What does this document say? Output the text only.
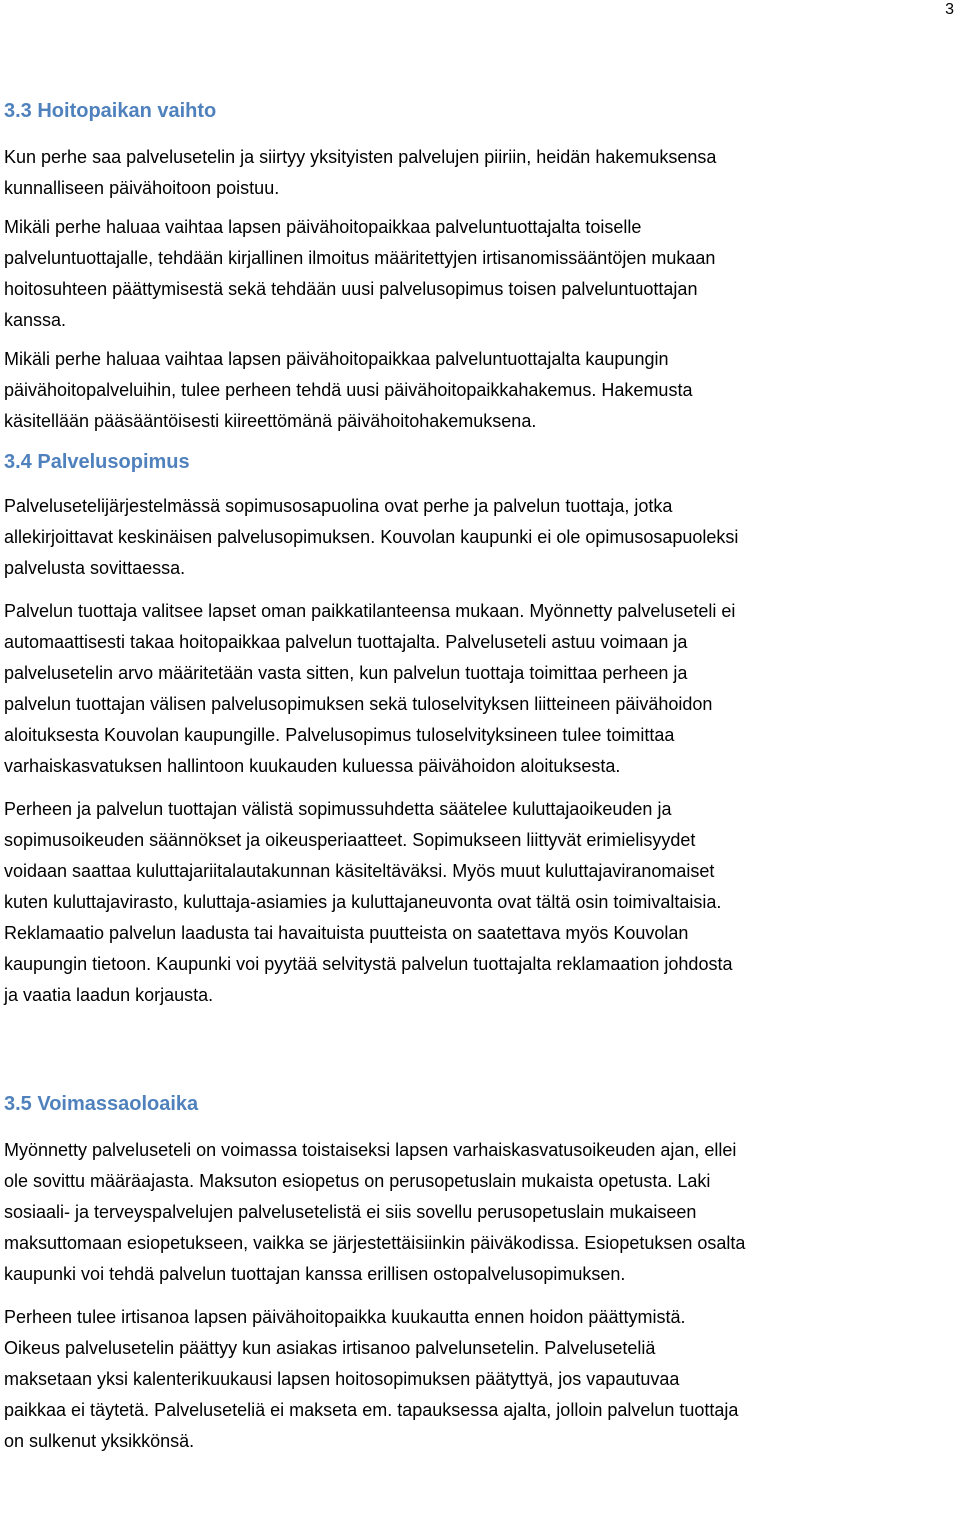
3
3.3 Hoitopaikan vaihto

Kun perhe saa palvelusetelin ja siirtyy yksityisten palvelujen piiriin, heidän hakemuksensa
kunnalliseen päivähoitoon poistuu.

Mikäli perhe haluaa vaihtaa lapsen päivähoitopaikkaa palveluntuottajalta toiselle
palveluntuottajalle, tehdään kirjallinen ilmoitus määritettyjen irtisanomissääntöjen mukaan
hoitosuhteen päättymisestä sekä tehdään uusi palvelusopimus toisen palveluntuottajan
kanssa.

Mikäli perhe haluaa vaihtaa lapsen päivähoitopaikkaa palveluntuottajalta kaupungin
päivähoitopalveluihin, tulee perheen tehdä uusi päivähoitopaikkahakemus. Hakemusta
käsitellään pääsääntöisesti kiireettömänä päivähoitohakemuksena.

3.4 Palvelusopimus

Palvelusetelijärjestelmässä sopimusosapuolina ovat perhe ja palvelun tuottaja, jotka
allekirjoittavat keskinäisen palvelusopimuksen. Kouvolan kaupunki ei ole opimusosapuoleksi
palvelusta sovittaessa.

Palvelun tuottaja valitsee lapset oman paikkatilanteensa mukaan. Myönnetty palveluseteli ei
automaattisesti takaa hoitopaikkaa palvelun tuottajalta. Palveluseteli astuu voimaan ja
palvelusetelin arvo määritetään vasta sitten, kun palvelun tuottaja toimittaa perheen ja
palvelun tuottajan välisen palvelusopimuksen sekä tuloselvityksen liitteineen päivähoidon
aloituksesta Kouvolan kaupungille. Palvelusopimus tuloselvityksineen tulee toimittaa
varhaiskasvatuksen hallintoon kuukauden kuluessa päivähoidon aloituksesta.

Perheen ja palvelun tuottajan välistä sopimussuhdetta säätelee kuluttajaoikeuden ja
sopimusoikeuden säännökset ja oikeusperiaatteet. Sopimukseen liittyvät erimielisyydet
voidaan saattaa kuluttajariitalautakunnan käsiteltäväksi. Myös muut kuluttajaviranomaiset
kuten kuluttajavirasto, kuluttaja-asiamies ja kuluttajaneuvonta ovat tältä osin toimivaltaisia.
Reklamaatio palvelun laadusta tai havaituista puutteista on saatettava myös Kouvolan
kaupungin tietoon. Kaupunki voi pyytää selvitystä palvelun tuottajalta reklamaation johdosta
ja vaatia laadun korjausta.

3.5 Voimassaoloaika

Myönnetty palveluseteli on voimassa toistaiseksi lapsen varhaiskasvatusoikeuden ajan, ellei
ole sovittu määräajasta. Maksuton esiopetus on perusopetuslain mukaista opetusta. Laki
sosiaali- ja terveyspalvelujen palvelusetelistä ei siis sovellu perusopetuslain mukaiseen
maksuttomaan esiopetukseen, vaikka se järjestettäisiinkin päiväkodissa. Esiopetuksen osalta
kaupunki voi tehdä palvelun tuottajan kanssa erillisen ostopalvelusopimuksen.

Perheen tulee irtisanoa lapsen päivähoitopaikka kuukautta ennen hoidon päättymistä.
Oikeus palvelusetelin päättyy kun asiakas irtisanoo palvelunsetelin. Palveluseteliä
maksetaan yksi kalenterikuukausi lapsen hoitosopimuksen päätyttyä, jos vapautuvaa
paikkaa ei täytetä. Palveluseteliä ei makseta em. tapauksessa ajalta, jolloin palvelun tuottaja
on sulkenut yksikkönsä.
